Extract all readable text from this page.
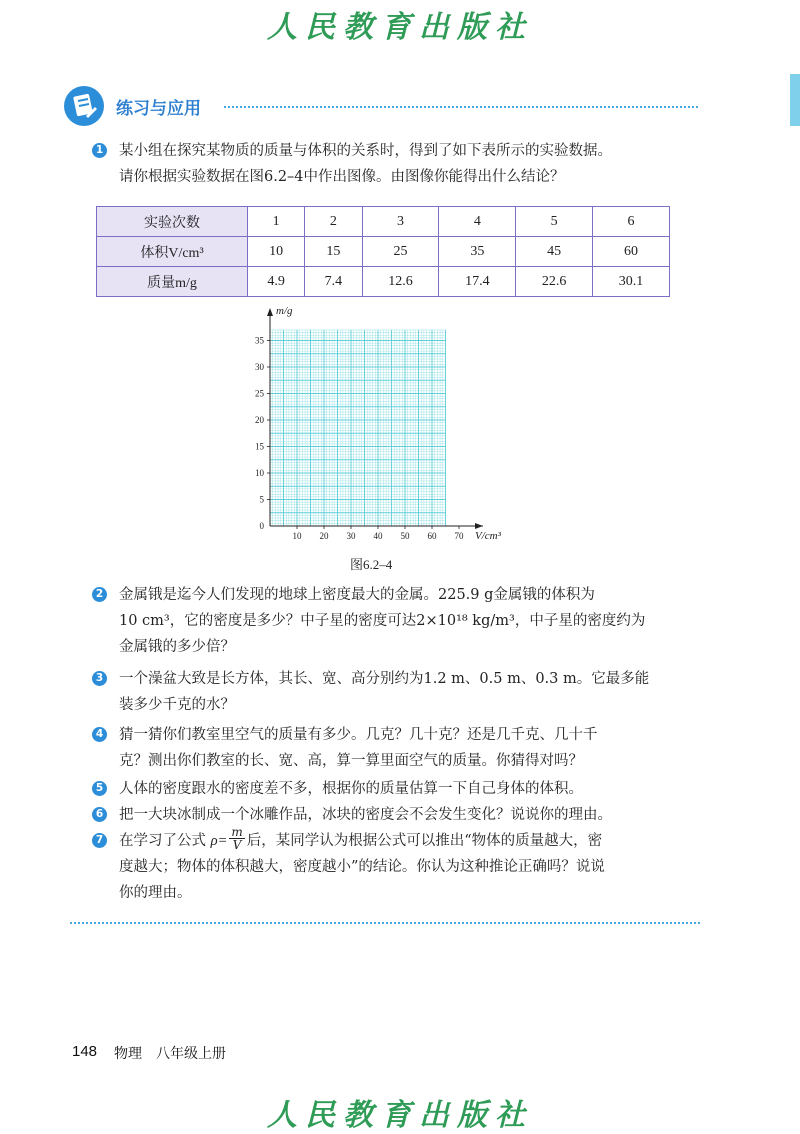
人民教育出版社
练习与应用
1 某小组在探究某物质的质量与体积的关系时，得到了如下表所示的实验数据。

请你根据实验数据在图6.2–4中作出图像。由图像你能得出什么结论？

实验次数	1	2	3	4	5	6
体积V/cm³	10	15	25	35	45	60
质量m/g	4.9	7.4	12.6	17.4	22.6	30.1
10 20 30 40 50 60 70
0
5
10
15
20
25
30
35
m/g
V/cm³
图6.2–4
2 金属锇是迄今人们发现的地球上密度最大的金属。225.9 g金属锇的体积为

10 cm³，它的密度是多少？中子星的密度可达2×10¹⁸ kg/m³，中子星的密度约为

金属锇的多少倍？

3 一个澡盆大致是长方体，其长、宽、高分别约为1.2 m、0.5 m、0.3 m。它最多能

装多少千克的水？

4 猜一猜你们教室里空气的质量有多少。几克？几十克？还是几千克、几十千

克？测出你们教室的长、宽、高，算一算里面空气的质量。你猜得对吗？

5 人体的密度跟水的密度差不多，根据你的质量估算一下自己身体的体积。

6 把一大块冰制成一个冰雕作品，冰块的密度会不会发生变化？说说你的理由。

7 在学习了公式 $\rho= \frac{m}{V}$ 后，某同学认为根据公式可以推出“物体的质量越大，密

度越大；物体的体积越大，密度越小”的结论。你认为这种推论正确吗？说说

你的理由。

148 物理　八年级上册
人民教育出版社
